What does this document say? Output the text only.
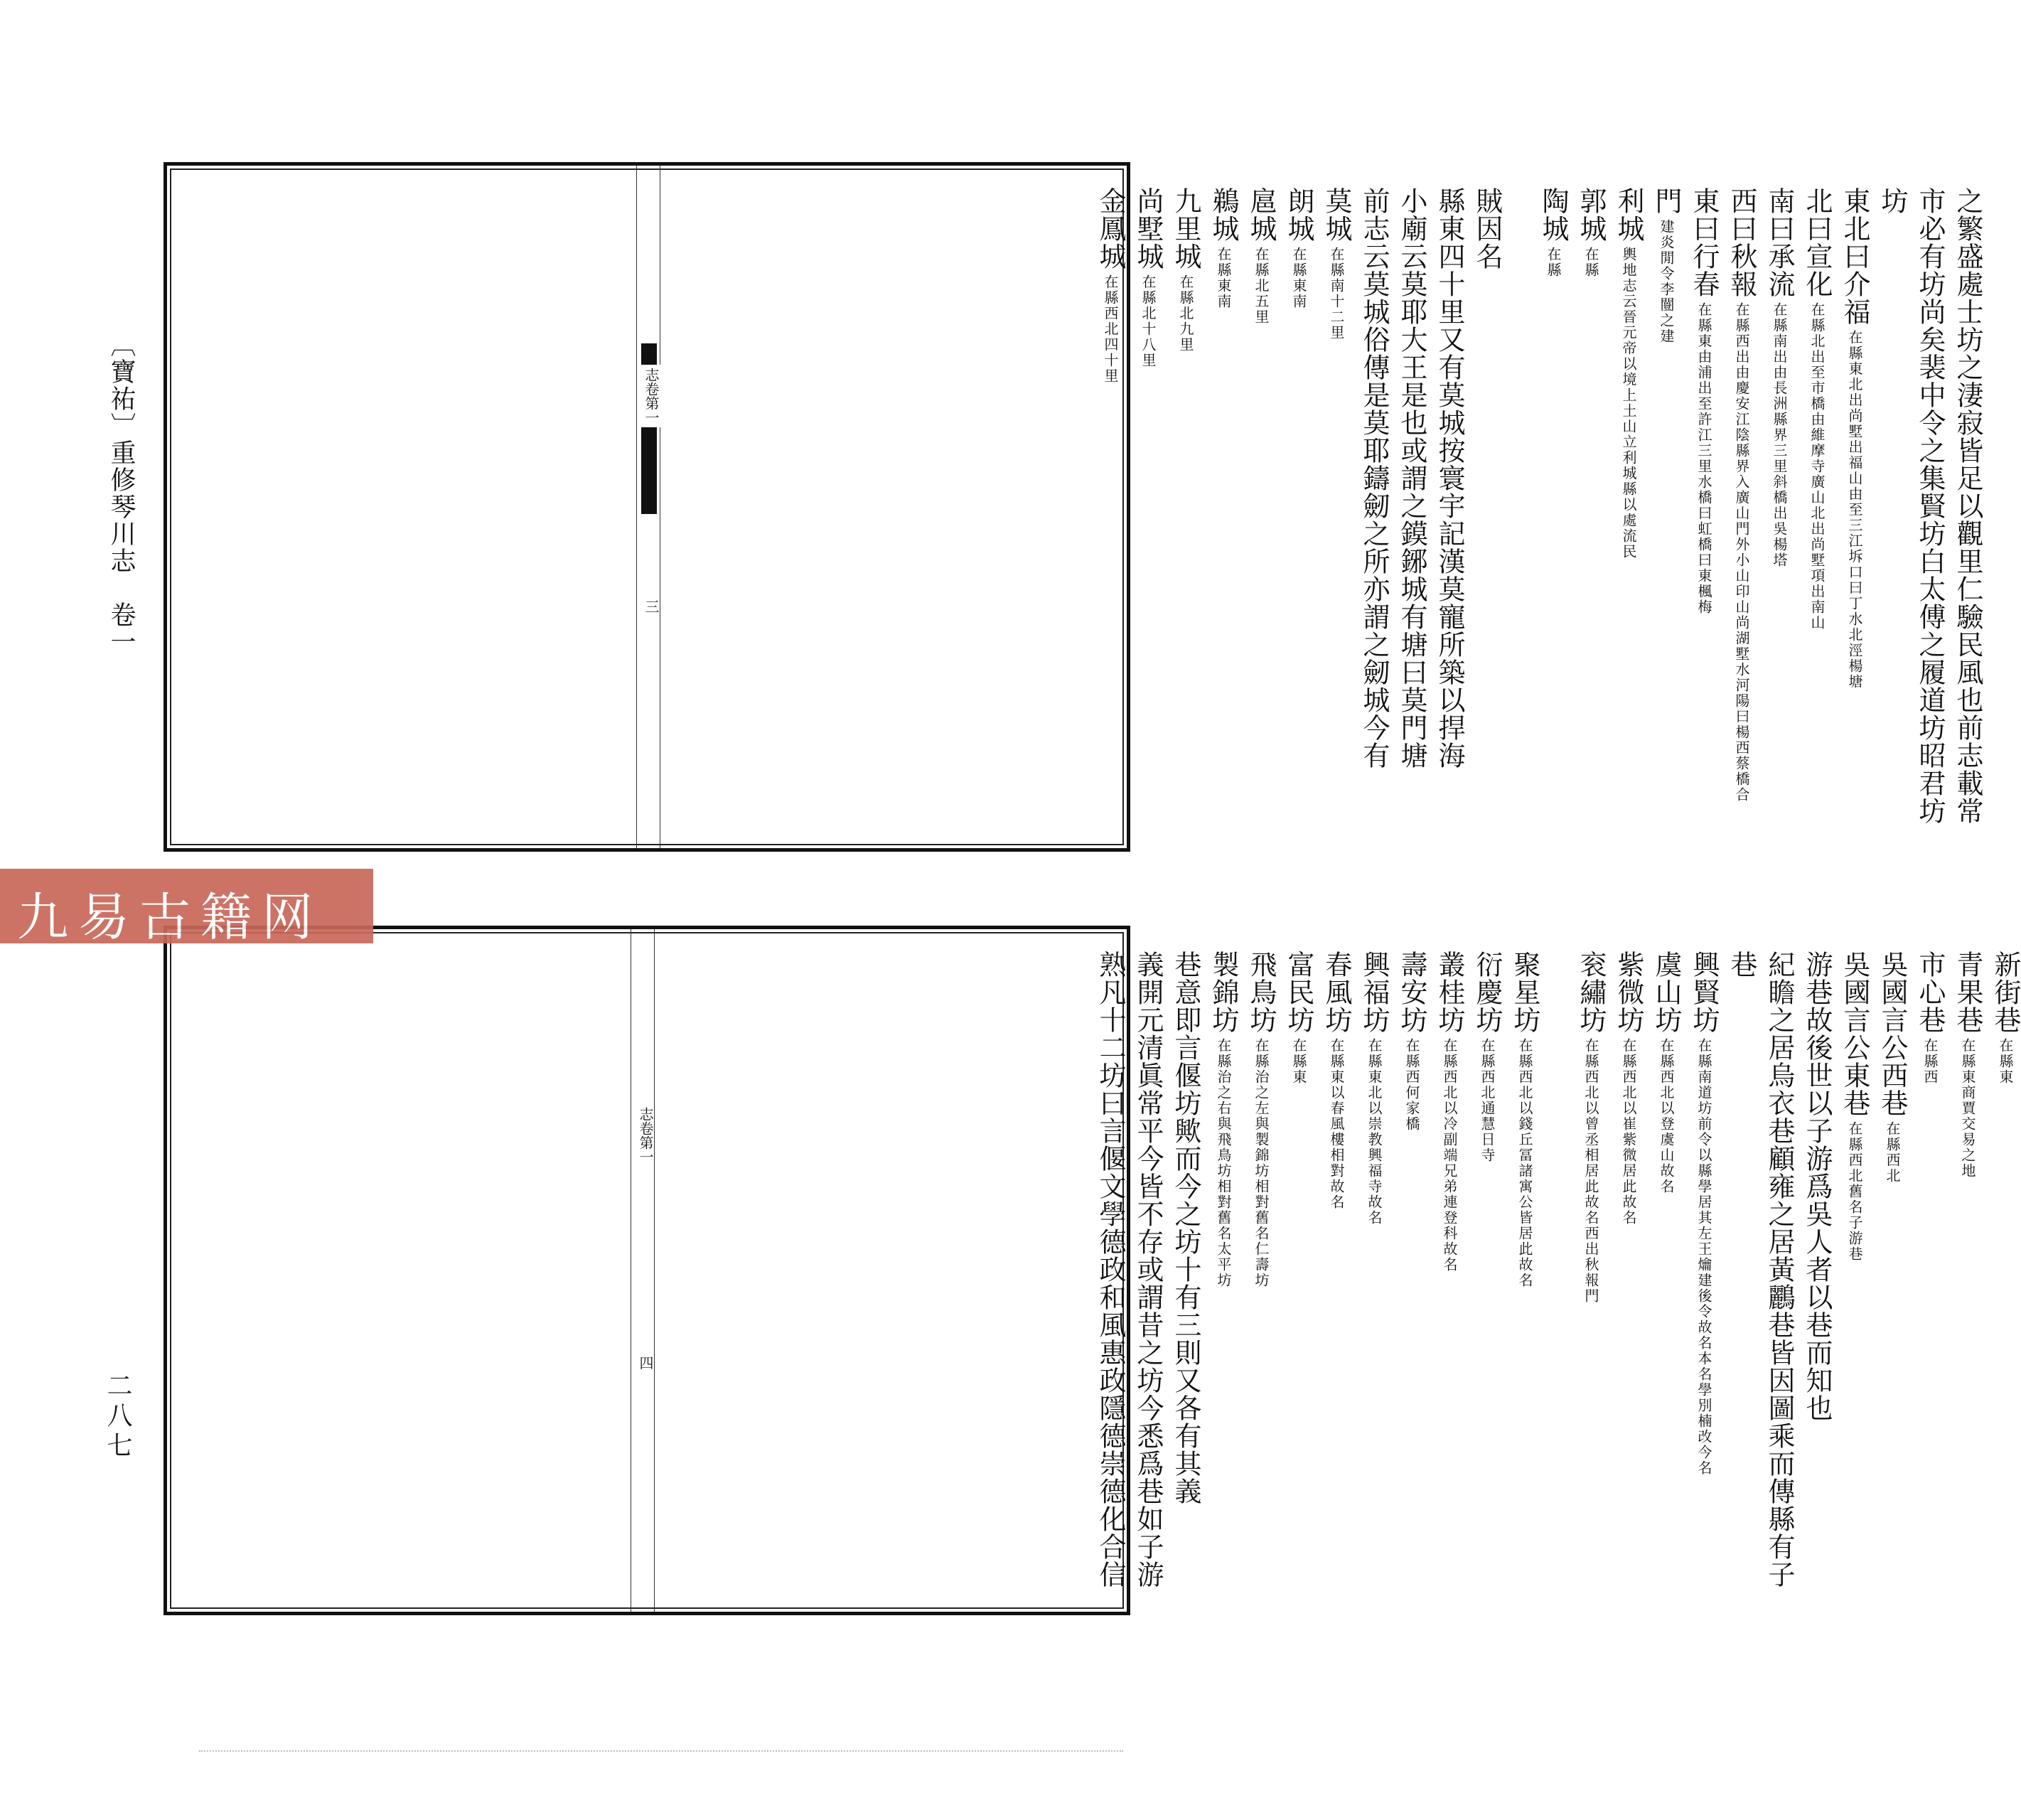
志卷第一
三
金鳳城在縣西北四十里
尚墅城在縣北十八里
九里城在縣北九里
鵜城在縣東南
扈城在縣北五里
朗城在縣東南
莫城在縣南十二里 前志云莫城俗傳是莫耶鑄劒之所亦謂之劒城今有 小廟云莫耶大王是也或謂之鏌鋣城有塘曰莫門塘 縣東四十里又有莫城按寰宇記漢莫寵所築以捍海 賊因名 陶城在縣
郭城在縣
利城輿地志云晉元帝以境上土山立利城縣以處流民
門建炎閒令李闓之建 東曰行春在縣東由浦出至許江三里水橋曰虹橋曰東楓梅
西曰秋報在縣西出由慶安江陰縣界入廣山門外小山印山尚湖墅水河陽曰楊西蔡橋合
南曰承流在縣南出由長洲縣界三里斜橋出吳楊塔
北曰宣化在縣北出至市橋由維摩寺廣山北出尚墅項出南山
東北曰介福在縣東北出尚墅出福山由至三江坼口曰丁水北涇楊塘
坊 市必有坊尚矣裴中令之集賢坊白太傅之履道坊昭君坊 之繁盛處士坊之淒寂皆足以觀里仁驗民風也前志載常
志卷第一
四	熟凡十二坊曰言偃文學德政和風惠政隱德崇德化合信 義開元清眞常平今皆不存或謂昔之坊今悉爲巷如子游 巷意即言偃坊歟而今之坊十有三則又各有其義 製錦坊在縣治之右與飛鳥坊相對舊名太平坊
飛鳥坊在縣治之左與製錦坊相對舊名仁壽坊
富民坊在縣東
春風坊在縣東以春風樓相對故名
興福坊在縣東北以崇教興福寺故名
壽安坊在縣西何家橋
叢桂坊在縣西北以冷副端兄弟連登科故名
衍慶坊在縣西北通慧日寺
聚星坊在縣西北以錢丘冨諸寓公皆居此故名
衮繡坊在縣西北以曾丞相居此故名西出秋報門
紫微坊在縣西北以崔紫微居此故名
虞山坊在縣西北以登虞山故名
興賢坊在縣南道坊前令以縣學居其左王爚建後令故名本名學別楠改今名
巷 紀瞻之居烏衣巷顧雍之居黃鸝巷皆因圖乘而傳縣有子 游巷故後世以子游爲吳人者以巷而知也 吳國言公東巷在縣西北舊名子游巷
吳國言公西巷在縣西北
市心巷在縣西
青果巷在縣東商賈交易之地
新街巷在縣東
〔寶祐〕重修琴川志　卷一
二八七
九易古籍网
